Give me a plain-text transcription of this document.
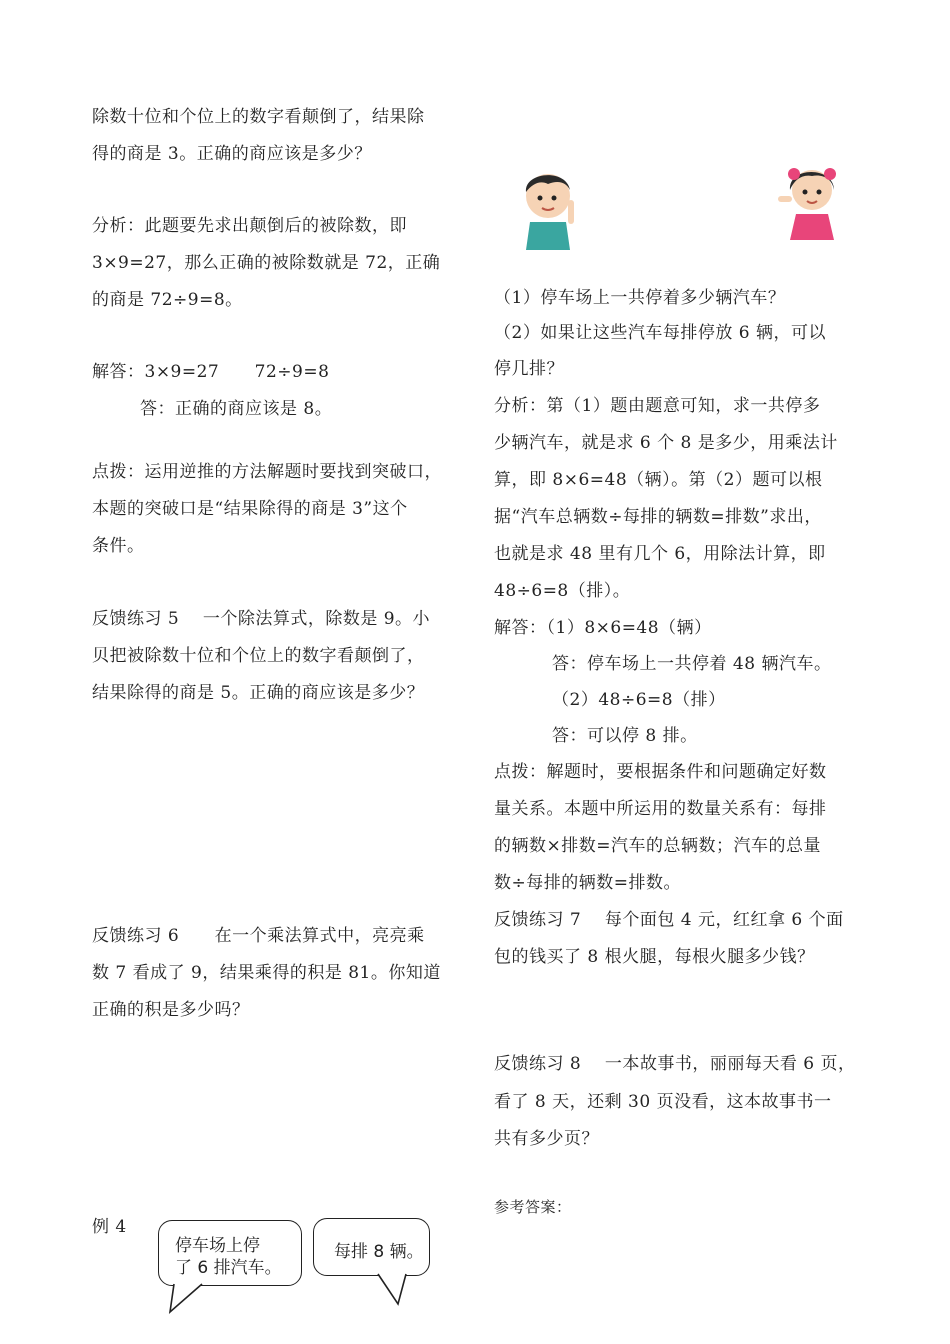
除数十位和个位上的数字看颠倒了，结果除
得的商是 3。正确的商应该是多少？
分析：此题要先求出颠倒后的被除数，即
3×9=27，那么正确的被除数就是 72，正确
的商是 72÷9=8。
解答：3×9=27      72÷9=8
答：正确的商应该是 8。
点拨：运用逆推的方法解题时要找到突破口，
本题的突破口是“结果除得的商是 3”这个
条件。
反馈练习 5    一个除法算式，除数是 9。小
贝把被除数十位和个位上的数字看颠倒了，
结果除得的商是 5。正确的商应该是多少？
反馈练习 6      在一个乘法算式中，亮亮乘
数 7 看成了 9，结果乘得的积是 81。你知道
正确的积是多少吗？
例 4
停车场上停
了 6 排汽车。
每排 8 辆。
（1）停车场上一共停着多少辆汽车？
（2）如果让这些汽车每排停放 6 辆，可以
停几排？
分析：第（1）题由题意可知，求一共停多
少辆汽车，就是求 6 个 8 是多少，用乘法计
算，即 8×6=48（辆）。第（2）题可以根
据“汽车总辆数÷每排的辆数=排数”求出，
也就是求 48 里有几个 6，用除法计算，即
48÷6=8（排）。
解答：（1）8×6=48（辆）
答：停车场上一共停着 48 辆汽车。
（2）48÷6=8（排）
答：可以停 8 排。
点拨：解题时，要根据条件和问题确定好数
量关系。本题中所运用的数量关系有：每排
的辆数×排数=汽车的总辆数；汽车的总量
数÷每排的辆数=排数。
反馈练习 7    每个面包 4 元，红红拿 6 个面
包的钱买了 8 根火腿，每根火腿多少钱？
反馈练习 8    一本故事书，丽丽每天看 6 页，
看了 8 天，还剩 30 页没看，这本故事书一
共有多少页？
参考答案：
